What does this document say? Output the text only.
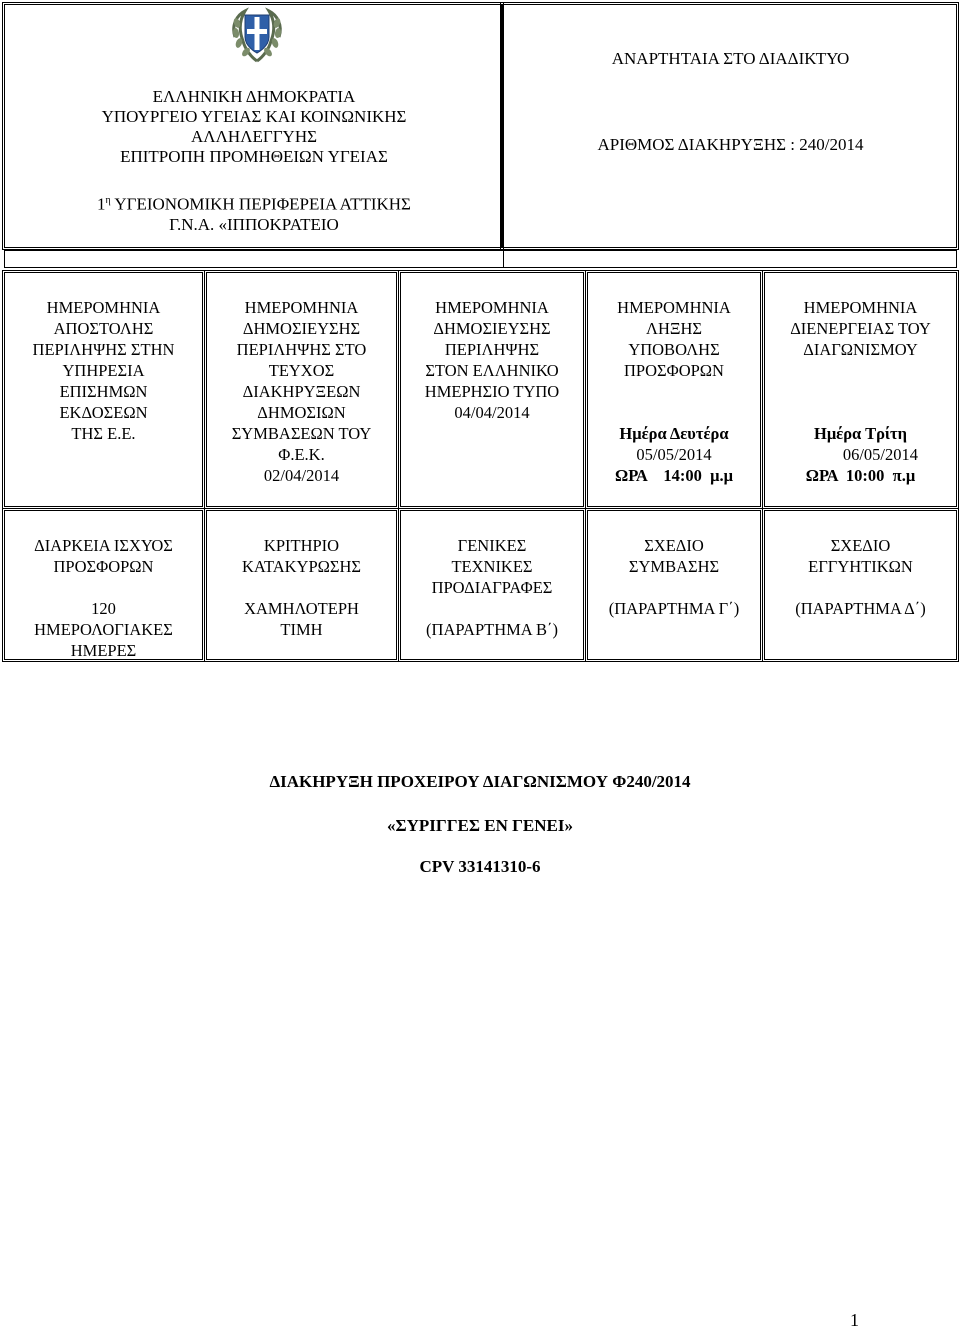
ΕΛΛΗΝΙΚΗ ΔΗΜΟΚΡΑΤΙΑ
ΥΠΟΥΡΓΕΙΟ ΥΓΕΙΑΣ ΚΑΙ ΚΟΙΝΩΝΙΚΗΣ
ΑΛΛΗΛΕΓΓΥΗΣ
ΕΠΙΤΡΟΠΗ ΠΡΟΜΗΘΕΙΩΝ ΥΓΕΙΑΣ
$1^\eta$ ΥΓΕΙΟΝΟΜΙΚΗ ΠΕΡΙΦΕΡΕΙΑ ΑΤΤΙΚΗΣ
Γ.Ν.Α. «ΙΠΠΟΚΡΑΤΕΙΟ
ΑΝΑΡΤΗΤΑΙΑ ΣΤΟ ΔΙΑΔΙΚΤΥΟ
ΑΡΙΘΜΟΣ ΔΙΑΚΗΡΥΞΗΣ : 240/2014
ΗΜΕΡΟΜΗΝΙΑ
ΑΠΟΣΤΟΛΗΣ
ΠΕΡΙΛΗΨΗΣ ΣΤΗΝ
ΥΠΗΡΕΣΙΑ
ΕΠΙΣΗΜΩΝ
ΕΚΔΟΣΕΩΝ
ΤΗΣ Ε.Ε.
ΗΜΕΡΟΜΗΝΙΑ
ΔΗΜΟΣΙΕΥΣΗΣ
ΠΕΡΙΛΗΨΗΣ ΣΤΟ
ΤΕΥΧΟΣ
ΔΙΑΚΗΡΥΞΕΩΝ
ΔΗΜΟΣΙΩΝ
ΣΥΜΒΑΣΕΩΝ ΤΟΥ
Φ.Ε.Κ.
02/04/2014
ΗΜΕΡΟΜΗΝΙΑ
ΔΗΜΟΣΙΕΥΣΗΣ
ΠΕΡΙΛΗΨΗΣ
ΣΤΟΝ ΕΛΛΗΝΙΚΟ
ΗΜΕΡΗΣΙΟ ΤΥΠΟ
04/04/2014
ΗΜΕΡΟΜΗΝΙΑ
ΛΗΞΗΣ
ΥΠΟΒΟΛΗΣ
ΠΡΟΣΦΟΡΩΝ
Ημέρα Δευτέρα
05/05/2014
ΩΡΑ    14:00  μ.μ
ΗΜΕΡΟΜΗΝΙΑ
ΔΙΕΝΕΡΓΕΙΑΣ ΤΟΥ
ΔΙΑΓΩΝΙΣΜΟΥ
Ημέρα Τρίτη
06/05/2014
ΩΡΑ  10:00  π.μ
ΔΙΑΡΚΕΙΑ ΙΣΧΥΟΣ
ΠΡΟΣΦΟΡΩΝ
120
ΗΜΕΡΟΛΟΓΙΑΚΕΣ
ΗΜΕΡΕΣ
ΚΡΙΤΗΡΙΟ
ΚΑΤΑΚΥΡΩΣΗΣ
ΧΑΜΗΛΟΤΕΡΗ
ΤΙΜΗ
ΓΕΝΙΚΕΣ
ΤΕΧΝΙΚΕΣ
ΠΡΟΔΙΑΓΡΑΦΕΣ
(ΠΑΡΑΡΤΗΜΑ Β΄)
ΣΧΕΔΙΟ
ΣΥΜΒΑΣΗΣ
(ΠΑΡΑΡΤΗΜΑ Γ΄)
ΣΧΕΔΙΟ
ΕΓΓΥΗΤΙΚΩΝ
(ΠΑΡΑΡΤΗΜΑ Δ΄)
ΔΙΑΚΗΡΥΞΗ ΠΡΟΧΕΙΡΟΥ ΔΙΑΓΩΝΙΣΜΟΥ Φ240/2014
«ΣΥΡΙΓΓΕΣ ΕΝ ΓΕΝΕΙ»
CPV 33141310-6
1
